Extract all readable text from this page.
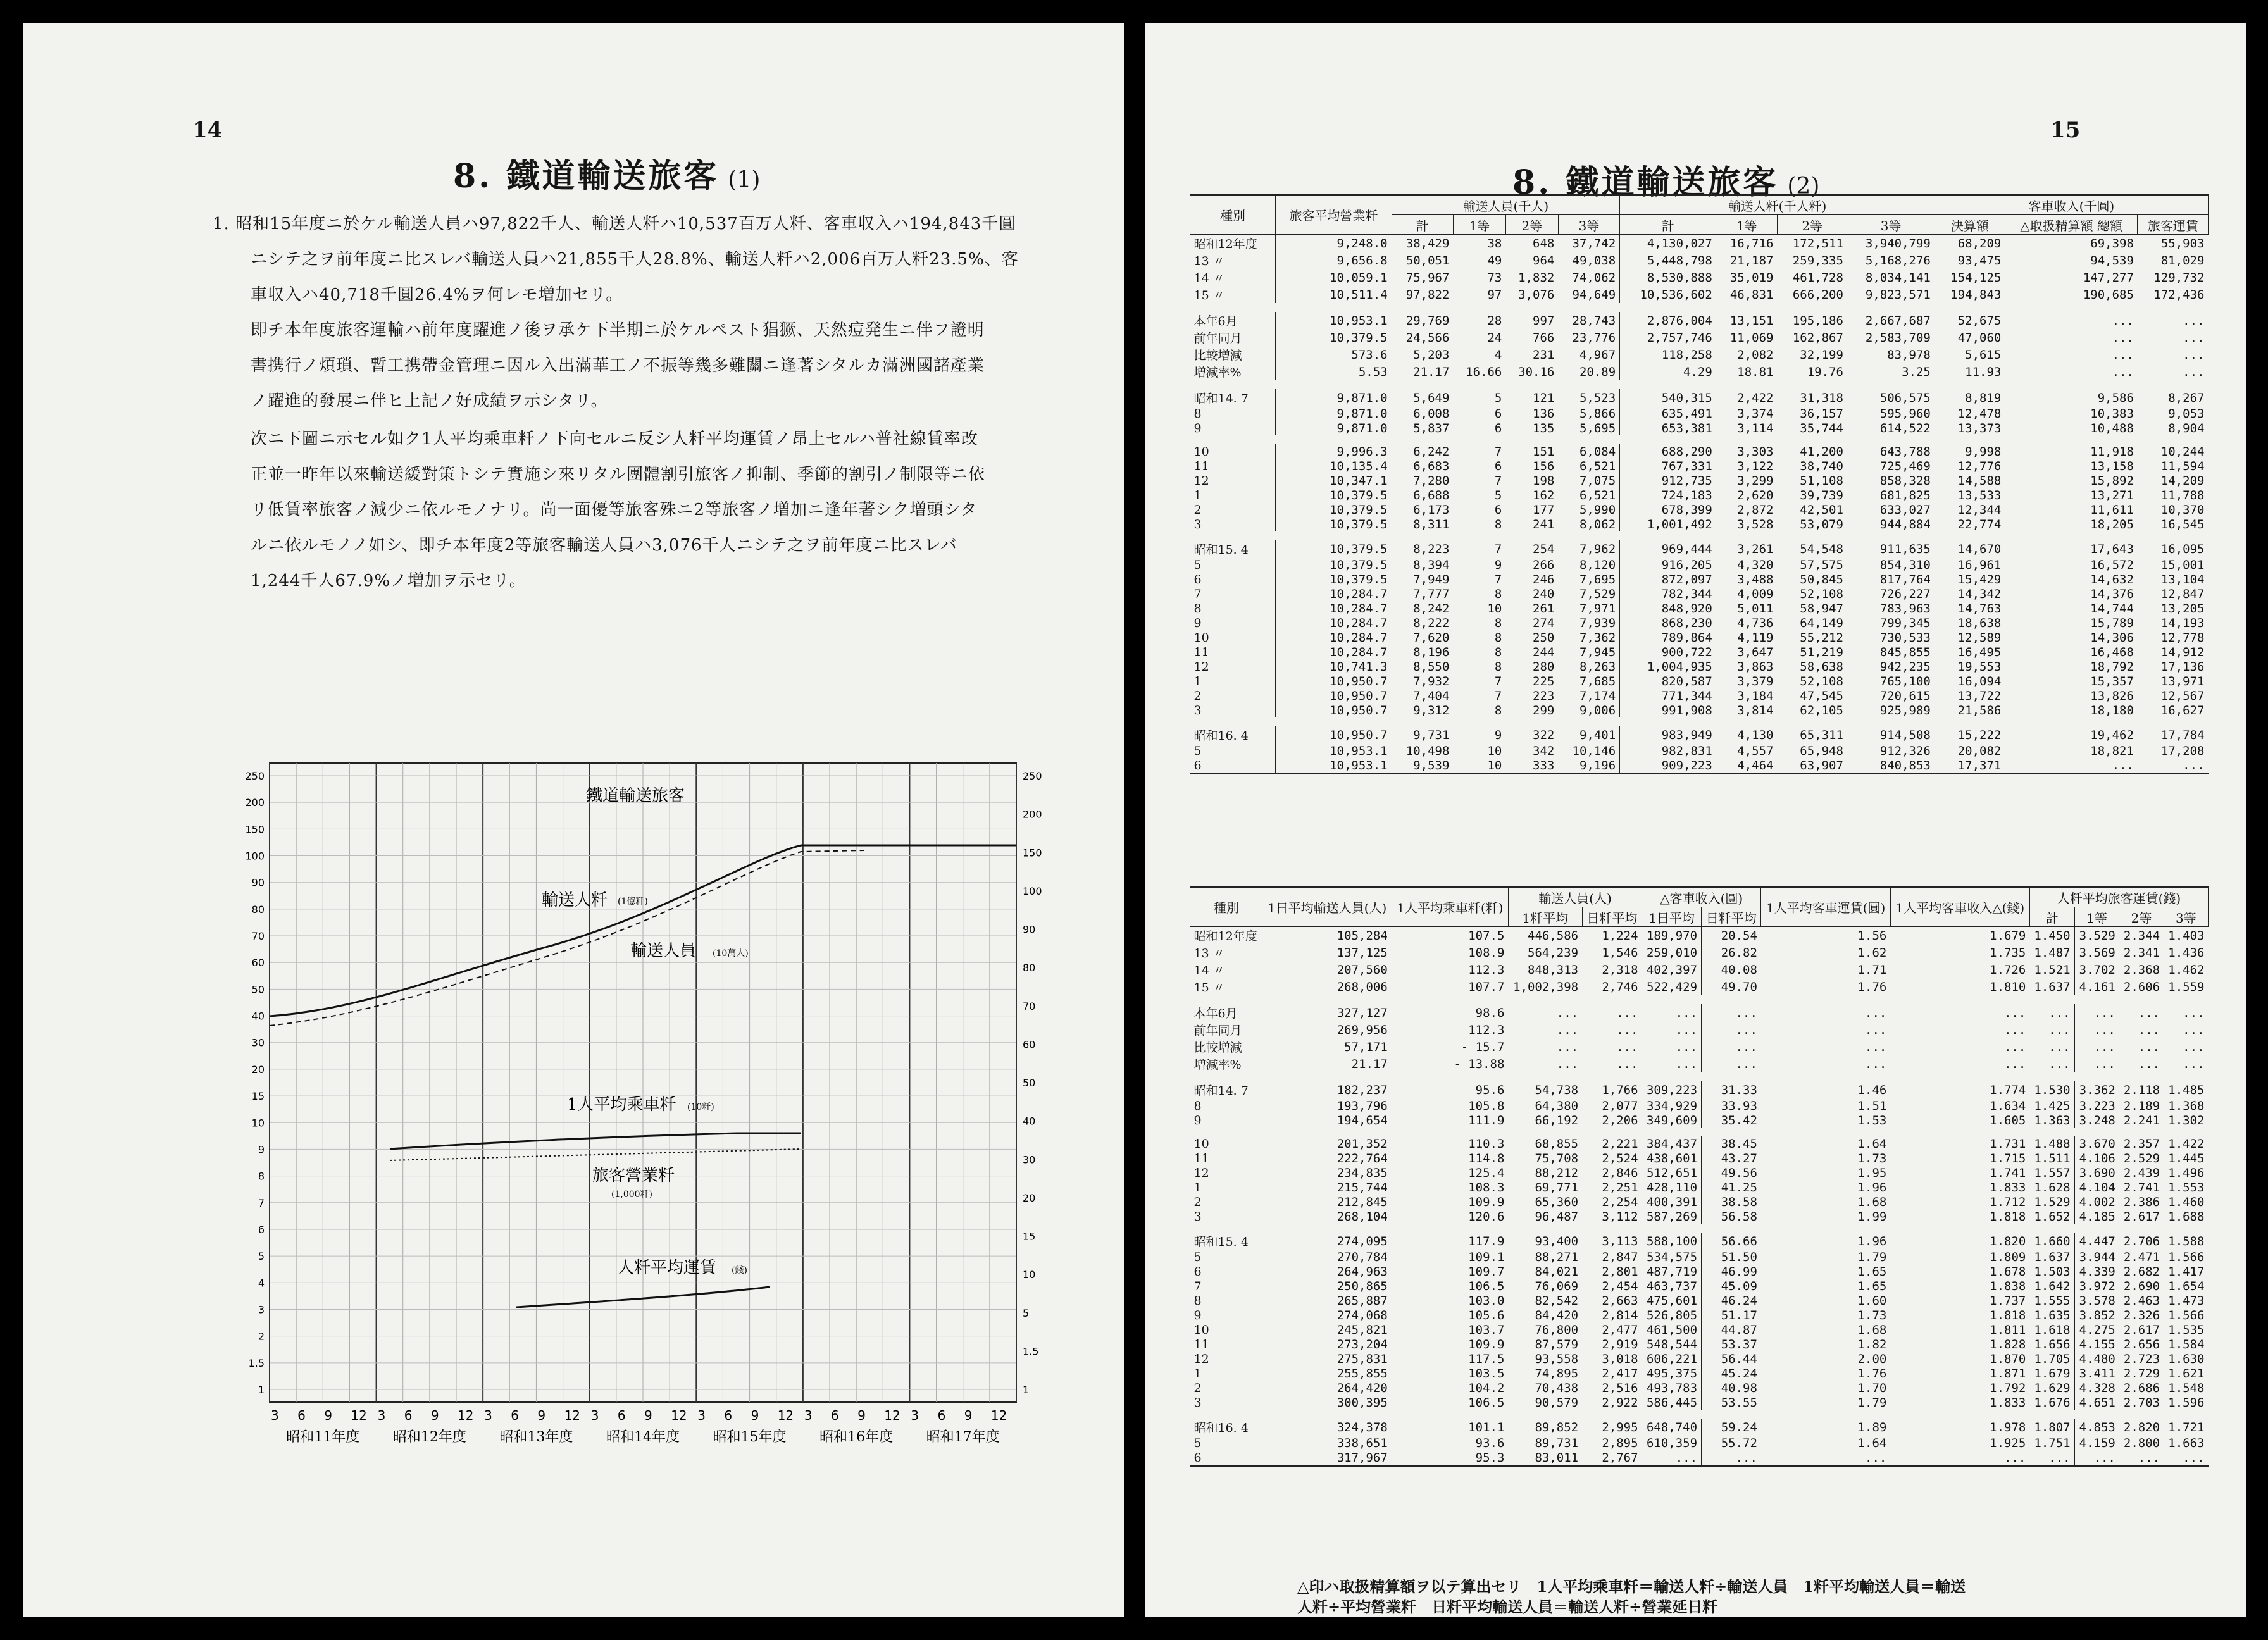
14
8. 鐵道輸送旅客 (1)
1. 昭和15年度ニ於ケル輸送人員ハ97,822千人、輸送人粁ハ10,537百万人粁、客車収入ハ194,843千圓
ニシテ之ヲ前年度ニ比スレバ輸送人員ハ21,855千人28.8%、輸送人粁ハ2,006百万人粁23.5%、客
車収入ハ40,718千圓26.4%ヲ何レモ増加セリ。
即チ本年度旅客運輸ハ前年度躍進ノ後ヲ承ケ下半期ニ於ケルペスト猖獗、天然痘発生ニ伴フ證明
書携行ノ煩瑣、暫工携帶金管理ニ因ル入出滿華工ノ不振等幾多難關ニ逢著シタルカ滿洲國諸產業
ノ躍進的發展ニ伴ヒ上記ノ好成績ヲ示シタリ。
次ニ下圖ニ示セル如ク1人平均乘車粁ノ下向セルニ反シ人粁平均運賃ノ昂上セルハ普社線賃率改
正並一昨年以來輸送緩對策トシテ實施シ來リタル團體割引旅客ノ抑制、季節的割引ノ制限等ニ依
リ低賃率旅客ノ減少ニ依ルモノナリ。尚一面優等旅客殊ニ2等旅客ノ増加ニ逢年著シク増頭シタ
ルニ依ルモノノ如シ、即チ本年度2等旅客輸送人員ハ3,076千人ニシテ之ヲ前年度ニ比スレバ
1,244千人67.9%ノ増加ヲ示セリ。
3 6 9 12 3 6 9 12 3 6 9 12 3 6 9 12 3 6 9 12 3 6 9 12 3 6 9 12
250
200
150
100
90
80
70
60
50
40
30
20
15
10
9
8
7
6
5
4
3
2
1.5
1
250
200
150
100
90
80
70
60
50
40
30
20
15
10
5
1.5
1
鐵道輸送旅客
昭和11年度 昭和12年度 昭和13年度 昭和14年度 昭和15年度 昭和16年度 昭和17年度
輸送人粁 (1億粁)
輸送人員 (10萬人)
1人平均乘車粁 (10粁)
旅客營業粁
(1,000粁)
人粁平均運賃 (錢)
15
8. 鐵道輸送旅客 (2)
種別	旅客平均營業粁	輸送人員(千人)				輸送人粁(千人粁)				客車收入(千圓)		
		計	1等	2等	3等	計	1等	2等	3等	決算額	△取扱精算額 總額	旅客運賃
昭和12年度	9,248.0	38,429	38	648	37,742	4,130,027	16,716	172,511	3,940,799	68,209	69,398	55,903
13 〃	9,656.8	50,051	49	964	49,038	5,448,798	21,187	259,335	5,168,276	93,475	94,539	81,029
14 〃	10,059.1	75,967	73	1,832	74,062	8,530,888	35,019	461,728	8,034,141	154,125	147,277	129,732
15 〃	10,511.4	97,822	97	3,076	94,649	10,536,602	46,831	666,200	9,823,571	194,843	190,685	172,436

本年6月	10,953.1	29,769	28	997	28,743	2,876,004	13,151	195,186	2,667,687	52,675	...	...
前年同月	10,379.5	24,566	24	766	23,776	2,757,746	11,069	162,867	2,583,709	47,060	...	...
比較増減	573.6	5,203	4	231	4,967	118,258	2,082	32,199	83,978	5,615	...	...
増減率%	5.53	21.17	16.66	30.16	20.89	4.29	18.81	19.76	3.25	11.93	...	...

昭和14. 7	9,871.0	5,649	5	121	5,523	540,315	2,422	31,318	506,575	8,819	9,586	8,267
8	9,871.0	6,008	6	136	5,866	635,491	3,374	36,157	595,960	12,478	10,383	9,053
9	9,871.0	5,837	6	135	5,695	653,381	3,114	35,744	614,522	13,373	10,488	8,904

10	9,996.3	6,242	7	151	6,084	688,290	3,303	41,200	643,788	9,998	11,918	10,244
11	10,135.4	6,683	6	156	6,521	767,331	3,122	38,740	725,469	12,776	13,158	11,594
12	10,347.1	7,280	7	198	7,075	912,735	3,299	51,108	858,328	14,588	15,892	14,209
1	10,379.5	6,688	5	162	6,521	724,183	2,620	39,739	681,825	13,533	13,271	11,788
2	10,379.5	6,173	6	177	5,990	678,399	2,872	42,501	633,027	12,344	11,611	10,370
3	10,379.5	8,311	8	241	8,062	1,001,492	3,528	53,079	944,884	22,774	18,205	16,545

昭和15. 4	10,379.5	8,223	7	254	7,962	969,444	3,261	54,548	911,635	14,670	17,643	16,095
5	10,379.5	8,394	9	266	8,120	916,205	4,320	57,575	854,310	16,961	16,572	15,001
6	10,379.5	7,949	7	246	7,695	872,097	3,488	50,845	817,764	15,429	14,632	13,104
7	10,284.7	7,777	8	240	7,529	782,344	4,009	52,108	726,227	14,342	14,376	12,847
8	10,284.7	8,242	10	261	7,971	848,920	5,011	58,947	783,963	14,763	14,744	13,205
9	10,284.7	8,222	8	274	7,939	868,230	4,736	64,149	799,345	18,638	15,789	14,193
10	10,284.7	7,620	8	250	7,362	789,864	4,119	55,212	730,533	12,589	14,306	12,778
11	10,284.7	8,196	8	244	7,945	900,722	3,647	51,219	845,855	16,495	16,468	14,912
12	10,741.3	8,550	8	280	8,263	1,004,935	3,863	58,638	942,235	19,553	18,792	17,136
1	10,950.7	7,932	7	225	7,685	820,587	3,379	52,108	765,100	16,094	15,357	13,971
2	10,950.7	7,404	7	223	7,174	771,344	3,184	47,545	720,615	13,722	13,826	12,567
3	10,950.7	9,312	8	299	9,006	991,908	3,814	62,105	925,989	21,586	18,180	16,627

昭和16. 4	10,950.7	9,731	9	322	9,401	983,949	4,130	65,311	914,508	15,222	19,462	17,784
5	10,953.1	10,498	10	342	10,146	982,831	4,557	65,948	912,326	20,082	18,821	17,208
6	10,953.1	9,539	10	333	9,196	909,223	4,464	63,907	840,853	17,371	...	...
種別	1日平均輸送人員(人)	1人平均乘車粁(粁)	輸送人員(人)		△客車收入(圓)		1人平均客車運賃(圓)	1人平均客車收入△(錢)	人粁平均旅客運賃(錢)			
			1粁平均	日粁平均	1日平均	日粁平均			計	1等	2等	3等
昭和12年度	105,284	107.5	446,586	1,224	189,970	20.54	1.56	1.679	1.450	3.529	2.344	1.403
13 〃	137,125	108.9	564,239	1,546	259,010	26.82	1.62	1.735	1.487	3.569	2.341	1.436
14 〃	207,560	112.3	848,313	2,318	402,397	40.08	1.71	1.726	1.521	3.702	2.368	1.462
15 〃	268,006	107.7	1,002,398	2,746	522,429	49.70	1.76	1.810	1.637	4.161	2.606	1.559

本年6月	327,127	98.6	...	...	...	...	...	...	...	...	...	...
前年同月	269,956	112.3	...	...	...	...	...	...	...	...	...	...
比較増減	57,171	- 15.7	...	...	...	...	...	...	...	...	...	...
増減率%	21.17	- 13.88	...	...	...	...	...	...	...	...	...	...

昭和14. 7	182,237	95.6	54,738	1,766	309,223	31.33	1.46	1.774	1.530	3.362	2.118	1.485
8	193,796	105.8	64,380	2,077	334,929	33.93	1.51	1.634	1.425	3.223	2.189	1.368
9	194,654	111.9	66,192	2,206	349,609	35.42	1.53	1.605	1.363	3.248	2.241	1.302

10	201,352	110.3	68,855	2,221	384,437	38.45	1.64	1.731	1.488	3.670	2.357	1.422
11	222,764	114.8	75,708	2,524	438,601	43.27	1.73	1.715	1.511	4.106	2.529	1.445
12	234,835	125.4	88,212	2,846	512,651	49.56	1.95	1.741	1.557	3.690	2.439	1.496
1	215,744	108.3	69,771	2,251	428,110	41.25	1.96	1.833	1.628	4.104	2.741	1.553
2	212,845	109.9	65,360	2,254	400,391	38.58	1.68	1.712	1.529	4.002	2.386	1.460
3	268,104	120.6	96,487	3,112	587,269	56.58	1.99	1.818	1.652	4.185	2.617	1.688

昭和15. 4	274,095	117.9	93,400	3,113	588,100	56.66	1.96	1.820	1.660	4.447	2.706	1.588
5	270,784	109.1	88,271	2,847	534,575	51.50	1.79	1.809	1.637	3.944	2.471	1.566
6	264,963	109.7	84,021	2,801	487,719	46.99	1.65	1.678	1.503	4.339	2.682	1.417
7	250,865	106.5	76,069	2,454	463,737	45.09	1.65	1.838	1.642	3.972	2.690	1.654
8	265,887	103.0	82,542	2,663	475,601	46.24	1.60	1.737	1.555	3.578	2.463	1.473
9	274,068	105.6	84,420	2,814	526,805	51.17	1.73	1.818	1.635	3.852	2.326	1.566
10	245,821	103.7	76,800	2,477	461,500	44.87	1.68	1.811	1.618	4.275	2.617	1.535
11	273,204	109.9	87,579	2,919	548,544	53.37	1.82	1.828	1.656	4.155	2.656	1.584
12	275,831	117.5	93,558	3,018	606,221	56.44	2.00	1.870	1.705	4.480	2.723	1.630
1	255,855	103.5	74,895	2,417	495,375	45.24	1.76	1.871	1.679	3.411	2.729	1.621
2	264,420	104.2	70,438	2,516	493,783	40.98	1.70	1.792	1.629	4.328	2.686	1.548
3	300,395	106.5	90,579	2,922	586,445	53.55	1.79	1.833	1.676	4.651	2.703	1.596

昭和16. 4	324,378	101.1	89,852	2,995	648,740	59.24	1.89	1.978	1.807	4.853	2.820	1.721
5	338,651	93.6	89,731	2,895	610,359	55.72	1.64	1.925	1.751	4.159	2.800	1.663
6	317,967	95.3	83,011	2,767	...	...	...	...	...	...	...	...
△印ハ取扱精算額ヲ以テ算出セリ　1人平均乘車粁＝輸送人粁÷輸送人員　1粁平均輸送人員＝輸送
人粁÷平均營業粁　日粁平均輸送人員＝輸送人粁÷營業延日粁
